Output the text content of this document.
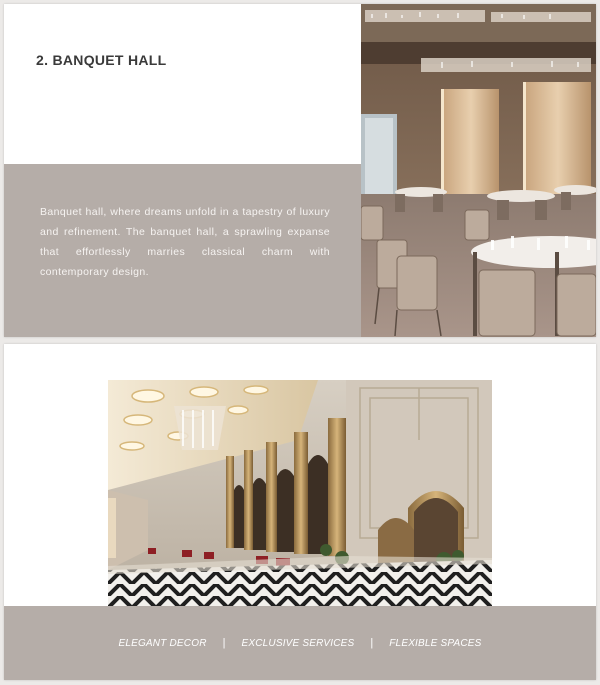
2. BANQUET HALL

Banquet hall, where dreams unfold in a tapestry of luxury and refinement. The banquet hall, a sprawling expanse that effortlessly marries classical charm with contemporary design.

ELEGANT DECOR | EXCLUSIVE SERVICES | FLEXIBLE SPACES
